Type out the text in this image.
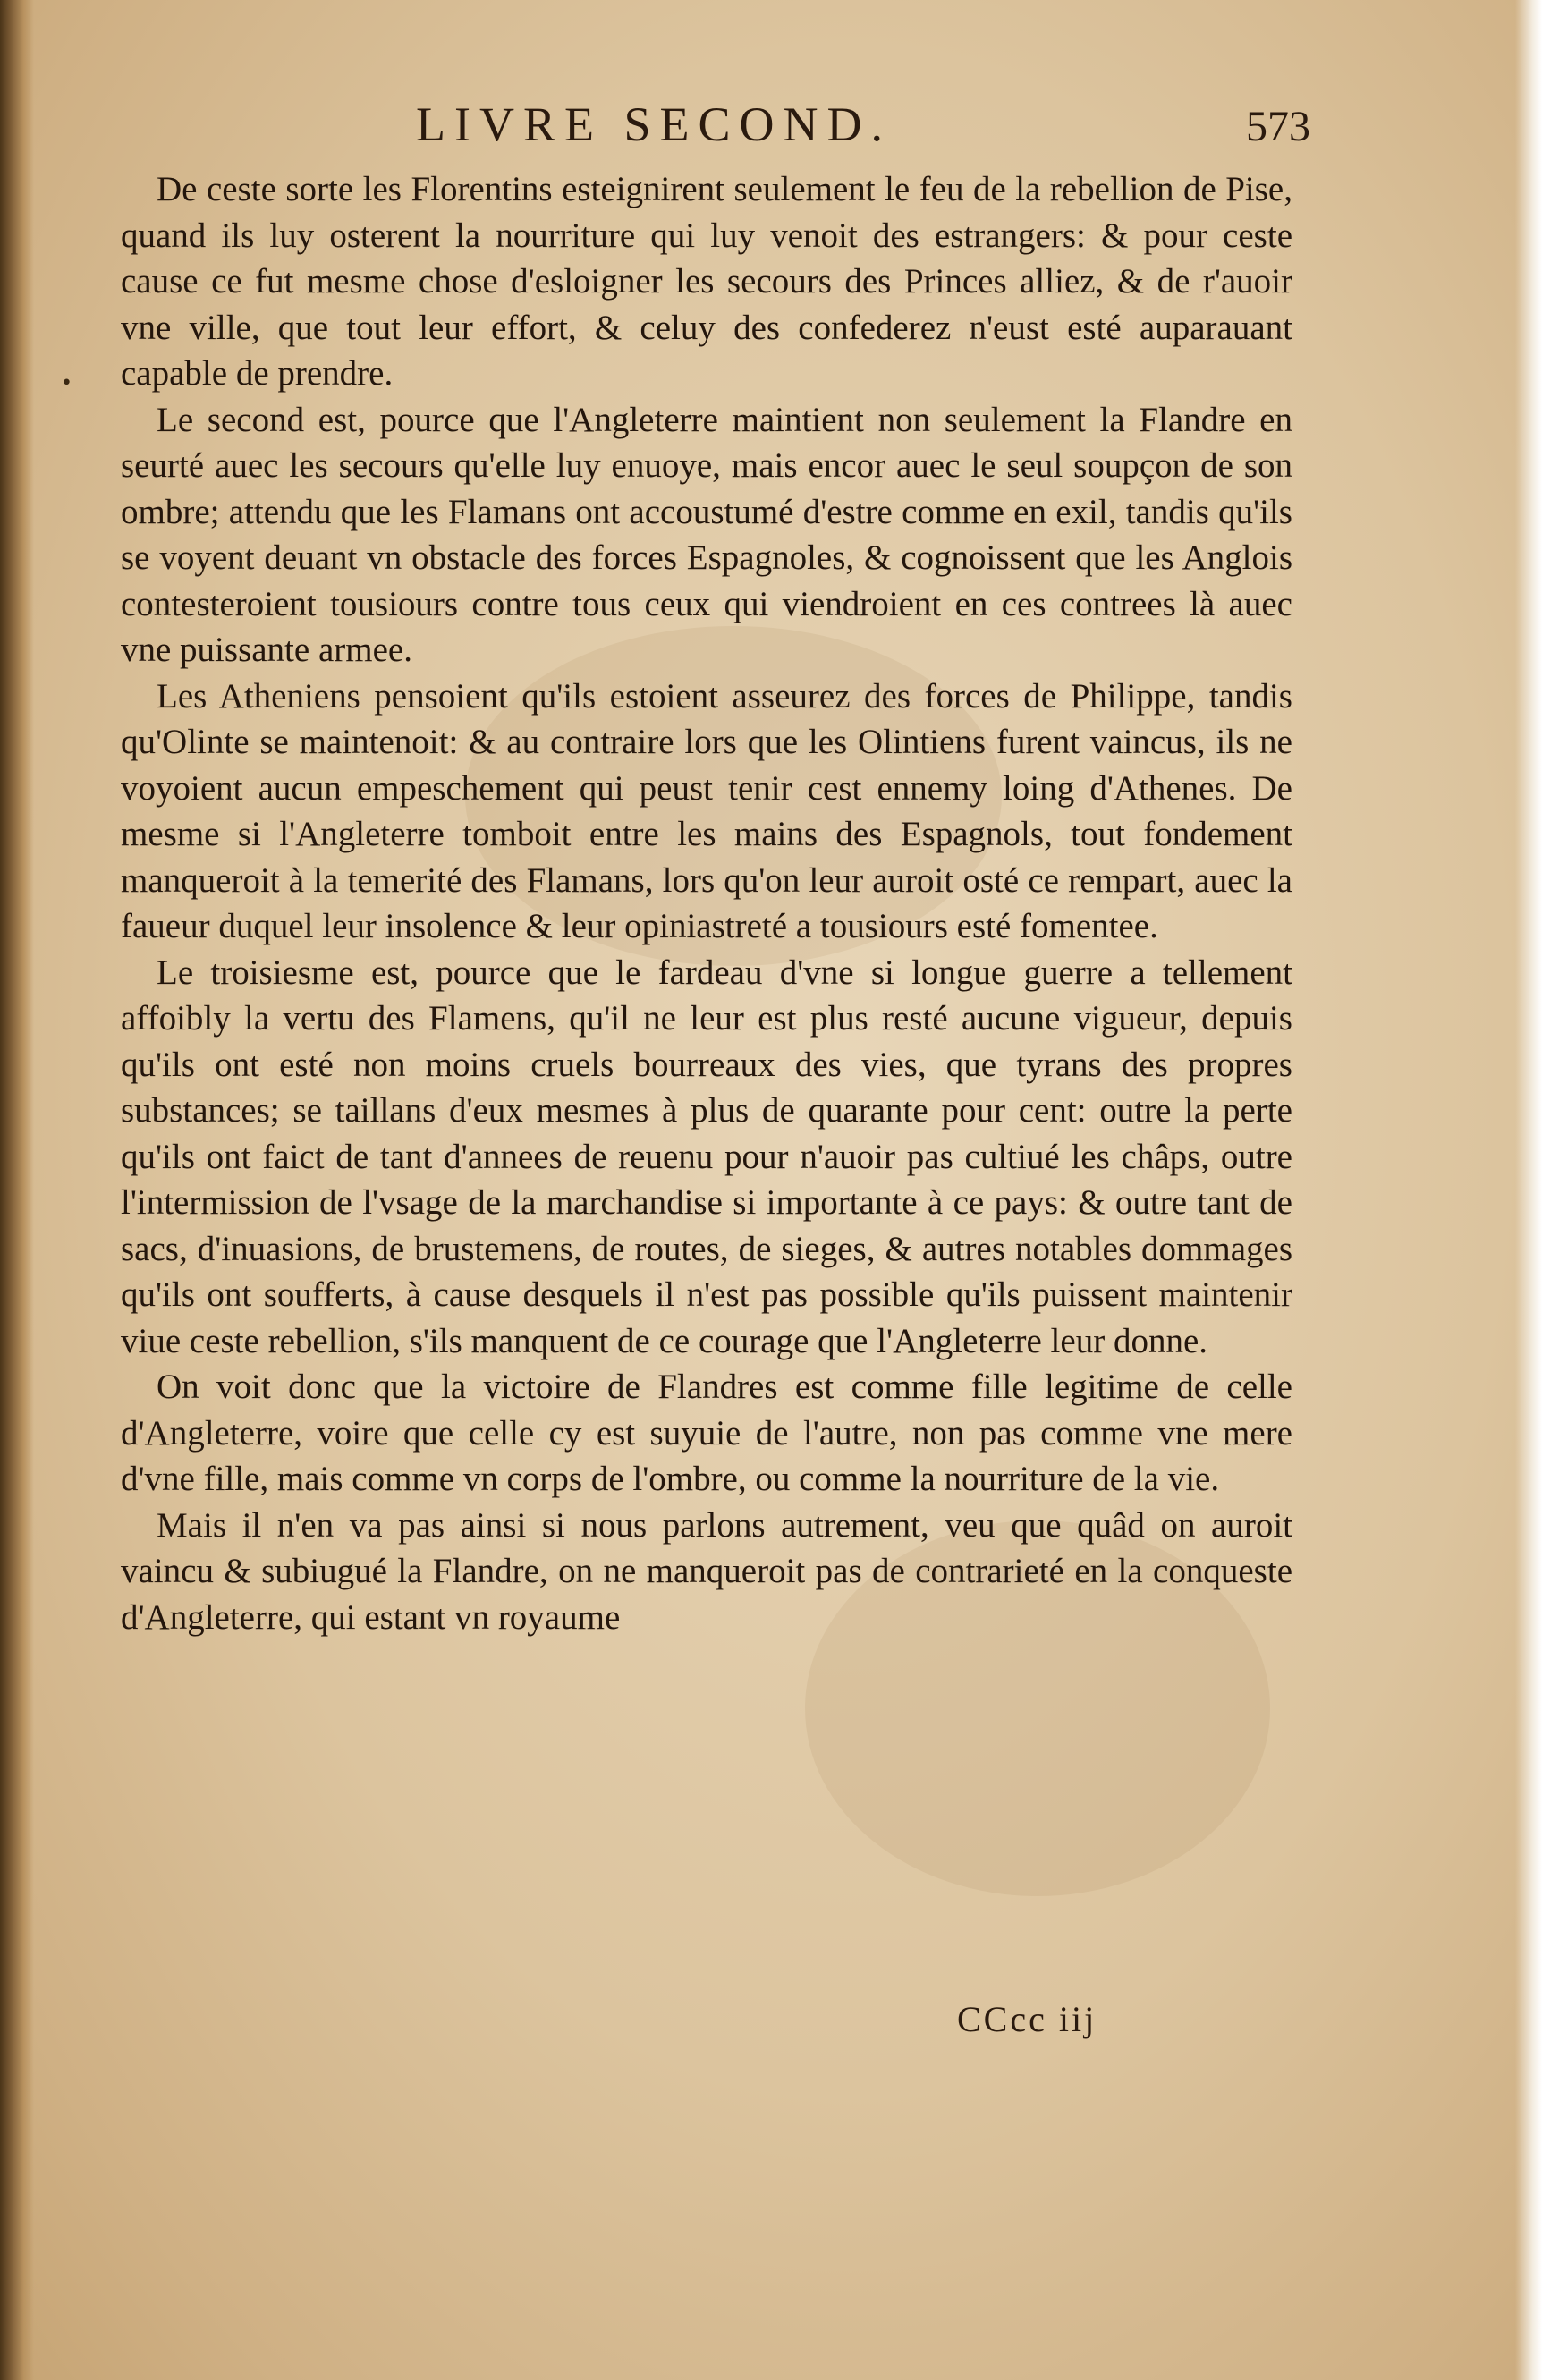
LIVRE SECOND.	573
•

De ceste sorte les Florentins esteignirent seulement le feu de la rebellion de Pise, quand ils luy osterent la nourriture qui luy venoit des estrangers: & pour ceste cause ce fut mesme chose d'esloigner les secours des Princes alliez, & de r'auoir vne ville, que tout leur effort, & celuy des confederez n'eust esté auparauant capable de prendre.

Le second est, pource que l'Angleterre maintient non seulement la Flandre en seurté auec les secours qu'elle luy enuoye, mais encor auec le seul soupçon de son ombre; attendu que les Flamans ont accoustumé d'estre comme en exil, tandis qu'ils se voyent deuant vn obstacle des forces Espagnoles, & cognoissent que les Anglois contesteroient tousiours contre tous ceux qui viendroient en ces contrees là auec vne puissante armee.

Les Atheniens pensoient qu'ils estoient asseurez des forces de Philippe, tandis qu'Olinte se maintenoit: & au contraire lors que les Olintiens furent vaincus, ils ne voyoient aucun empeschement qui peust tenir cest ennemy loing d'Athenes. De mesme si l'Angleterre tomboit entre les mains des Espagnols, tout fondement manqueroit à la temerité des Flamans, lors qu'on leur auroit osté ce rempart, auec la faueur duquel leur insolence & leur opiniastreté a tousiours esté fomentee.

Le troisiesme est, pource que le fardeau d'vne si longue guerre a tellement affoibly la vertu des Flamens, qu'il ne leur est plus resté aucune vigueur, depuis qu'ils ont esté non moins cruels bourreaux des vies, que tyrans des propres substances; se taillans d'eux mesmes à plus de quarante pour cent: outre la perte qu'ils ont faict de tant d'annees de reuenu pour n'auoir pas cultiué les châps, outre l'intermission de l'vsage de la marchandise si importante à ce pays: & outre tant de sacs, d'inuasions, de brustemens, de routes, de sieges, & autres notables dommages qu'ils ont soufferts, à cause desquels il n'est pas possible qu'ils puissent maintenir viue ceste rebellion, s'ils manquent de ce courage que l'Angleterre leur donne.

On voit donc que la victoire de Flandres est comme fille legitime de celle d'Angleterre, voire que celle cy est suyuie de l'autre, non pas comme vne mere d'vne fille, mais comme vn corps de l'ombre, ou comme la nourriture de la vie.

Mais il n'en va pas ainsi si nous parlons autrement, veu que quâd on auroit vaincu & subiugué la Flandre, on ne manqueroit pas de contrarieté en la conqueste d'Angleterre, qui estant vn royaume

CCcc iij
